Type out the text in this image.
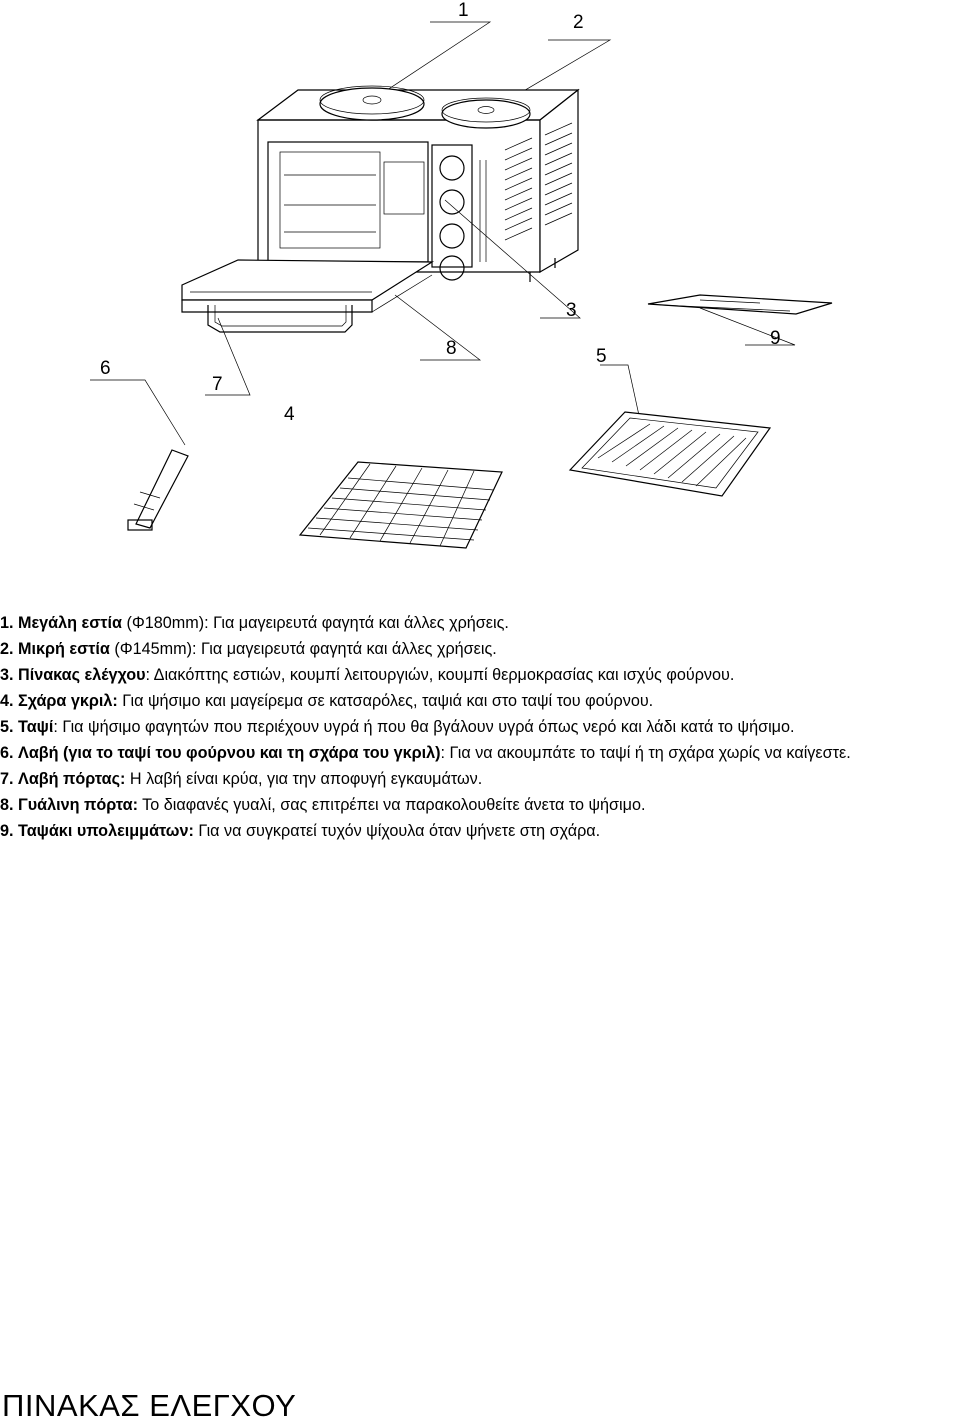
1
2
3
4
5
6
7
8	9
1. Μεγάλη εστία (Φ180mm): Για μαγειρευτά φαγητά και άλλες χρήσεις.
2. Μικρή εστία (Φ145mm): Για μαγειρευτά φαγητά και άλλες χρήσεις.
3. Πίνακας ελέγχου: Διακόπτης εστιών, κουμπί λειτουργιών, κουμπί θερμοκρασίας και ισχύς φούρνου.
4. Σχάρα γκριλ: Για ψήσιμο και μαγείρεμα σε κατσαρόλες, ταψιά και στο ταψί του φούρνου.
5. Ταψί: Για ψήσιμο φαγητών που περιέχουν υγρά ή που θα βγάλουν υγρά όπως νερό και λάδι κατά το ψήσιμο.
6. Λαβή (για το ταψί του φούρνου και τη σχάρα του γκριλ): Για να ακουμπάτε το ταψί ή τη σχάρα χωρίς να καίγεστε.
7. Λαβή πόρτας: Η λαβή είναι κρύα, για την αποφυγή εγκαυμάτων.
8. Γυάλινη πόρτα: Το διαφανές γυαλί, σας επιτρέπει να παρακολουθείτε άνετα το ψήσιμο.
9. Ταψάκι υπολειμμάτων: Για να συγκρατεί τυχόν ψίχουλα όταν ψήνετε στη σχάρα.
ΠΙΝΑΚΑΣ ΕΛΕΓΧΟΥ
